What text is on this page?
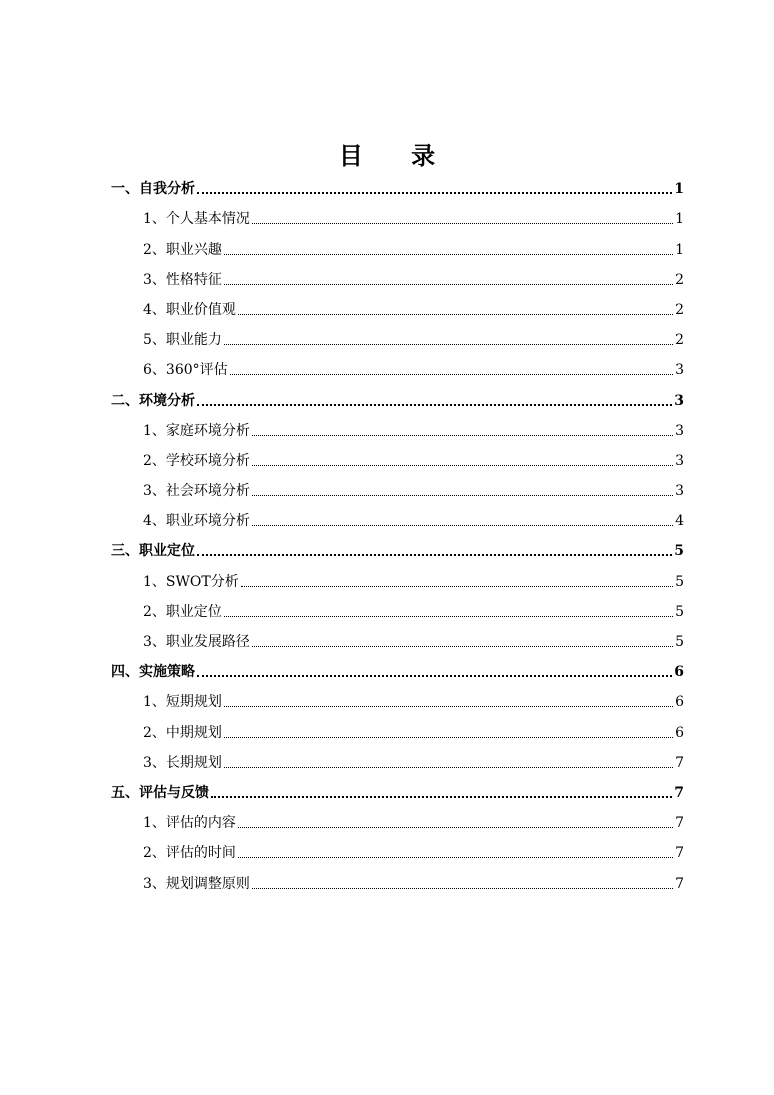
目 录
一、自我分析	1
1、个人基本情况	1
2、职业兴趣	1
3、性格特征	2
4、职业价值观	2
5、职业能力	2
6、360°评估	3
二、环境分析	3
1、家庭环境分析	3
2、学校环境分析	3
3、社会环境分析	3
4、职业环境分析	4
三、职业定位	5
1、SWOT分析	5
2、职业定位	5
3、职业发展路径	5
四、实施策略	6
1、短期规划	6
2、中期规划	6
3、长期规划	7
五、评估与反馈	7
1、评估的内容	7
2、评估的时间	7
3、规划调整原则	7
